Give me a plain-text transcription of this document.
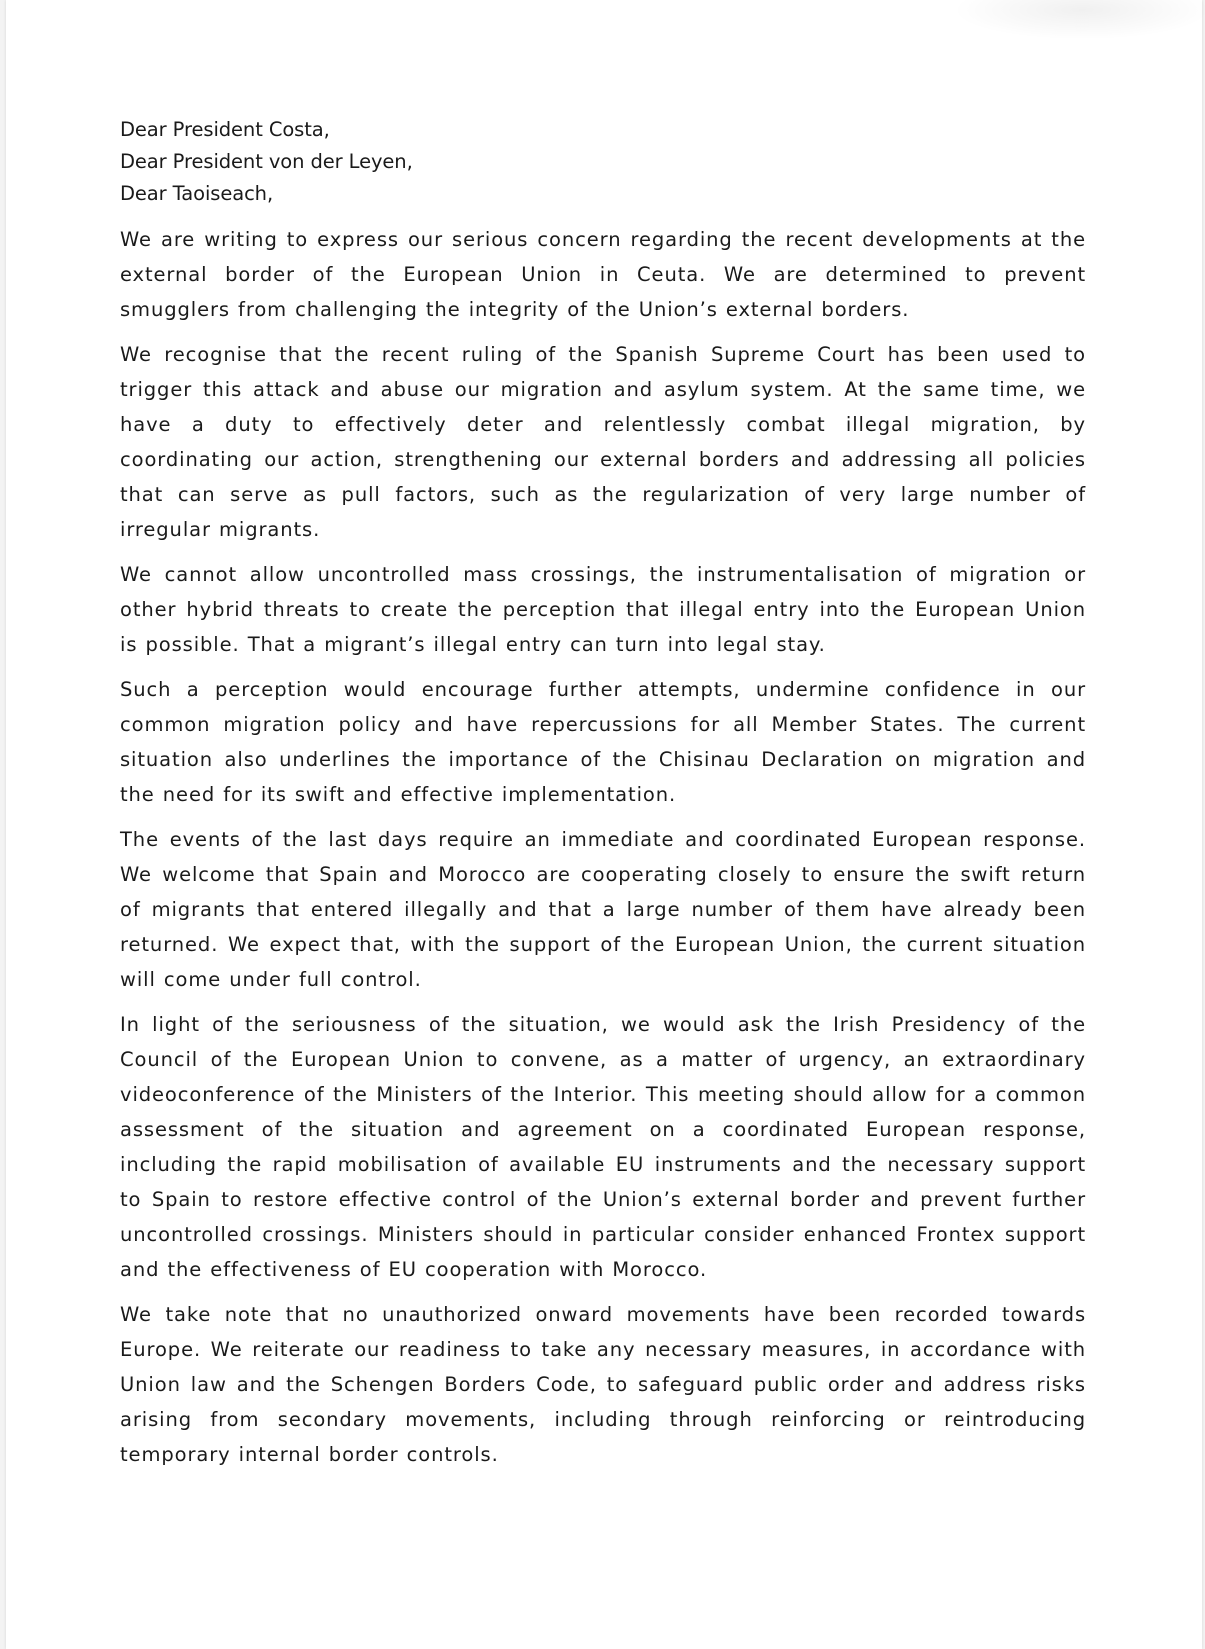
Dear President Costa,
Dear President von der Leyen,
Dear Taoiseach,

We are writing to express our serious concern regarding the recent developments at the external border of the European Union in Ceuta. We are determined to prevent smugglers from challenging the integrity of the Union’s external borders.

We recognise that the recent ruling of the Spanish Supreme Court has been used to trigger this attack and abuse our migration and asylum system. At the same time, we have a duty to effectively deter and relentlessly combat illegal migration, by coordinating our action, strengthening our external borders and addressing all policies that can serve as pull factors, such as the regularization of very large number of irregular migrants.

We cannot allow uncontrolled mass crossings, the instrumentalisation of migration or other hybrid threats to create the perception that illegal entry into the European Union is possible. That a migrant’s illegal entry can turn into legal stay.

Such a perception would encourage further attempts, undermine confidence in our common migration policy and have repercussions for all Member States. The current situation also underlines the importance of the Chisinau Declaration on migration and the need for its swift and effective implementation.

The events of the last days require an immediate and coordinated European response. We welcome that Spain and Morocco are cooperating closely to ensure the swift return of migrants that entered illegally and that a large number of them have already been returned. We expect that, with the support of the European Union, the current situation will come under full control.

In light of the seriousness of the situation, we would ask the Irish Presidency of the Council of the European Union to convene, as a matter of urgency, an extraordinary videoconference of the Ministers of the Interior. This meeting should allow for a common assessment of the situation and agreement on a coordinated European response, including the rapid mobilisation of available EU instruments and the necessary support to Spain to restore effective control of the Union’s external border and prevent further uncontrolled crossings. Ministers should in particular consider enhanced Frontex support and the effectiveness of EU cooperation with Morocco.

We take note that no unauthorized onward movements have been recorded towards Europe. We reiterate our readiness to take any necessary measures, in accordance with Union law and the Schengen Borders Code, to safeguard public order and address risks arising from secondary movements, including through reinforcing or reintroducing temporary internal border controls.
